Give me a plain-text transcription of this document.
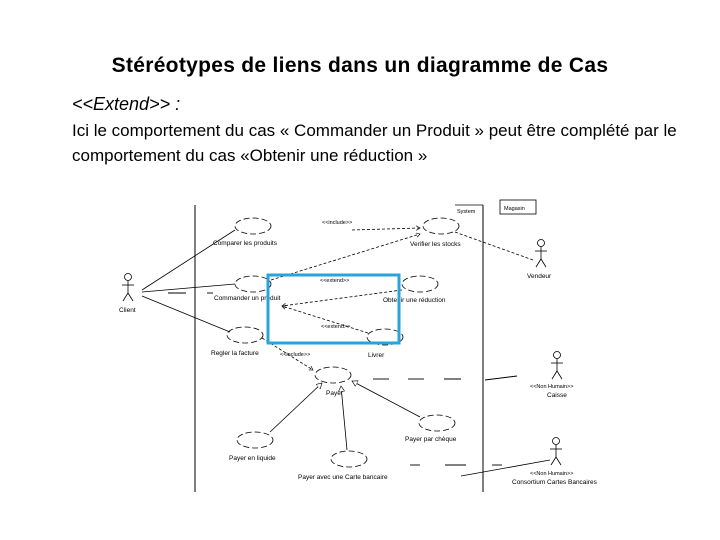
Stéréotypes de liens dans un diagramme de Cas
<<Extend>> :
Ici le comportement du cas « Commander un Produit » peut être complété par le comportement du cas «Obtenir une réduction »
System	Magasin
Comparer les produits	Verifier les stocks
Commander un produit	Obtenir une réduction
Regler la facture	Livrer
Payer
Payer par chèque
Payer en liquide
Payer avec une Carte bancaire
Client
Vendeur
<<Non Humain>>
Caisse
<<Non Humain>>
Consortium Cartes Bancaires
<<include>>
<<extend>>
<<extend>>
<<include>>
